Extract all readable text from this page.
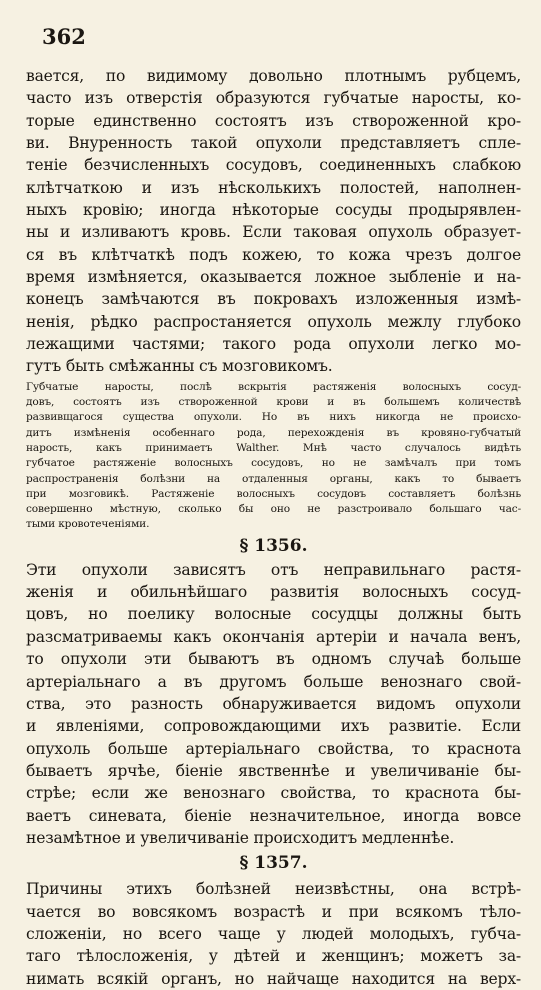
362
вается, по видимому довольно плотнымъ рубцемъ,
часто изъ отверстія образуются губчатые наросты, ко-
торые единственно состоятъ изъ створоженной кро-
ви. Внуренность такой опухоли представляетъ спле-
теніе безчисленныхъ сосудовъ, соединенныхъ слабкою
клѣтчаткою и изъ нѣсколькихъ полостей, наполнен-
ныхъ кровію; иногда нѣкоторые сосуды продырявлен-
ны и изливаютъ кровь. Если таковая опухоль образует-
ся въ клѣтчаткѣ подъ кожею, то кожа чрезъ долгое
время измѣняется, оказывается ложное зыбленіе и на-
конецъ замѣчаются въ покровахъ изложенныя измѣ-
ненія, рѣдко распростаняется опухоль межлу глубоко
лежащими частями; такого рода опухоли легко мо-
гутъ быть смѣжанны съ мозговикомъ.
Губчатые наросты, послѣ вскрытія растяженія волосныхъ сосуд-
довъ, состоятъ изъ створоженной крови и въ большемъ количествѣ
развивщагося существа опухоли. Но въ нихъ никогда не происхо-
дитъ измѣненія особеннаго рода, перехожденія въ кровяно-губчатый
нарость, какъ принимаетъ Walther. Мнѣ часто случалось видѣть
губчатое растяженіе волосныхъ сосудовъ, но не замѣчалъ при томъ
распространенія болѣзни на отдаленныя органы, какъ то бываетъ
при мозговикѣ. Растяженіе волосныхъ сосудовъ составляетъ болѣзнь
совершенно мѣстную, сколько бы оно не разстроивало большаго час-
тыми кровотеченіями.
§ 1356.
Эти опухоли зависятъ отъ неправильнаго растя-
женія и обильнѣйшаго развитія волосныхъ сосуд-
цовъ, но поелику волосные сосудцы должны быть
разсматриваемы какъ окончанія артеріи и начала венъ,
то опухоли эти бываютъ въ одномъ случаѣ больше
артеріальнаго а въ другомъ больше венознаго свой-
ства, это разность обнаруживается видомъ опухоли
и явленіями, сопровождающими ихъ развитіе. Если
опухоль больше артеріальнаго свойства, то краснота
бываетъ ярчѣе, біеніе явственнѣе и увеличиваніе бы-
стрѣе; если же венознаго свойства, то краснота бы-
ваетъ синевата, біеніе незначительное, иногда вовсе
незамѣтное и увеличиваніе происходитъ медленнѣе.
§ 1357.
Причины этихъ болѣзней неизвѣстны, она встрѣ-
чается во вовсякомъ возрастѣ и при всякомъ тѣло-
сложеніи, но всего чаще у людей молодыхъ, губча-
таго тѣлосложенія, у дѣтей и женщинъ; можетъ за-
нимать всякій органъ, но найчаще находится на верх-
